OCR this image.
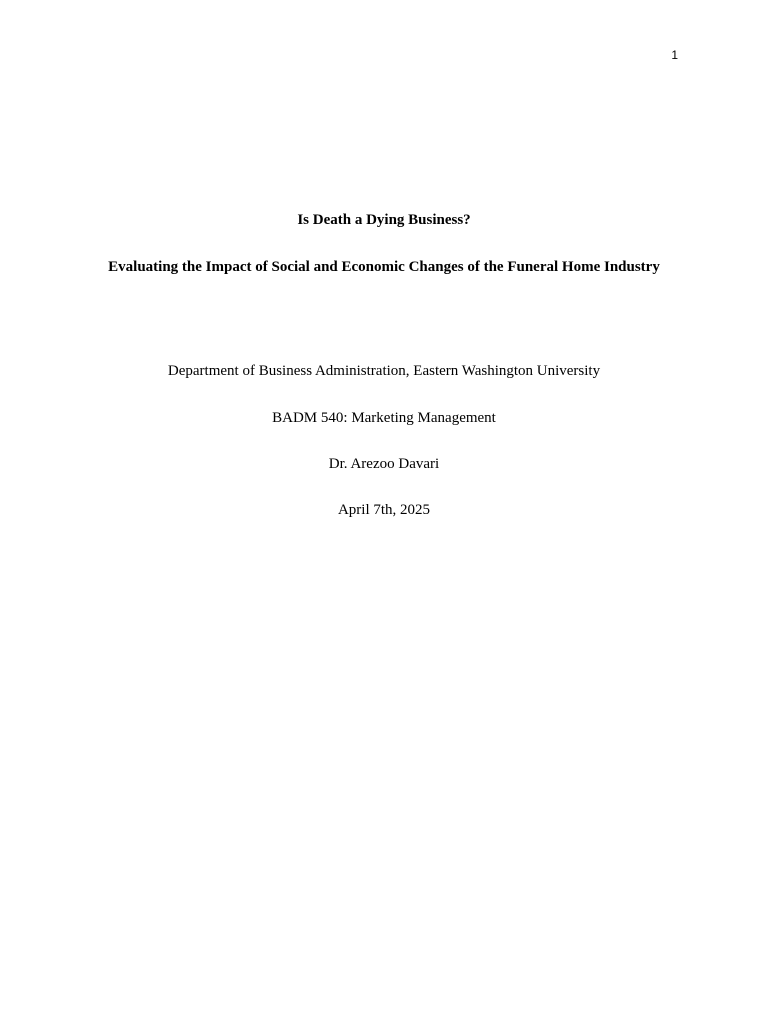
1
Is Death a Dying Business?
Evaluating the Impact of Social and Economic Changes of the Funeral Home Industry
Department of Business Administration, Eastern Washington University
BADM 540: Marketing Management
Dr. Arezoo Davari
April 7th, 2025
